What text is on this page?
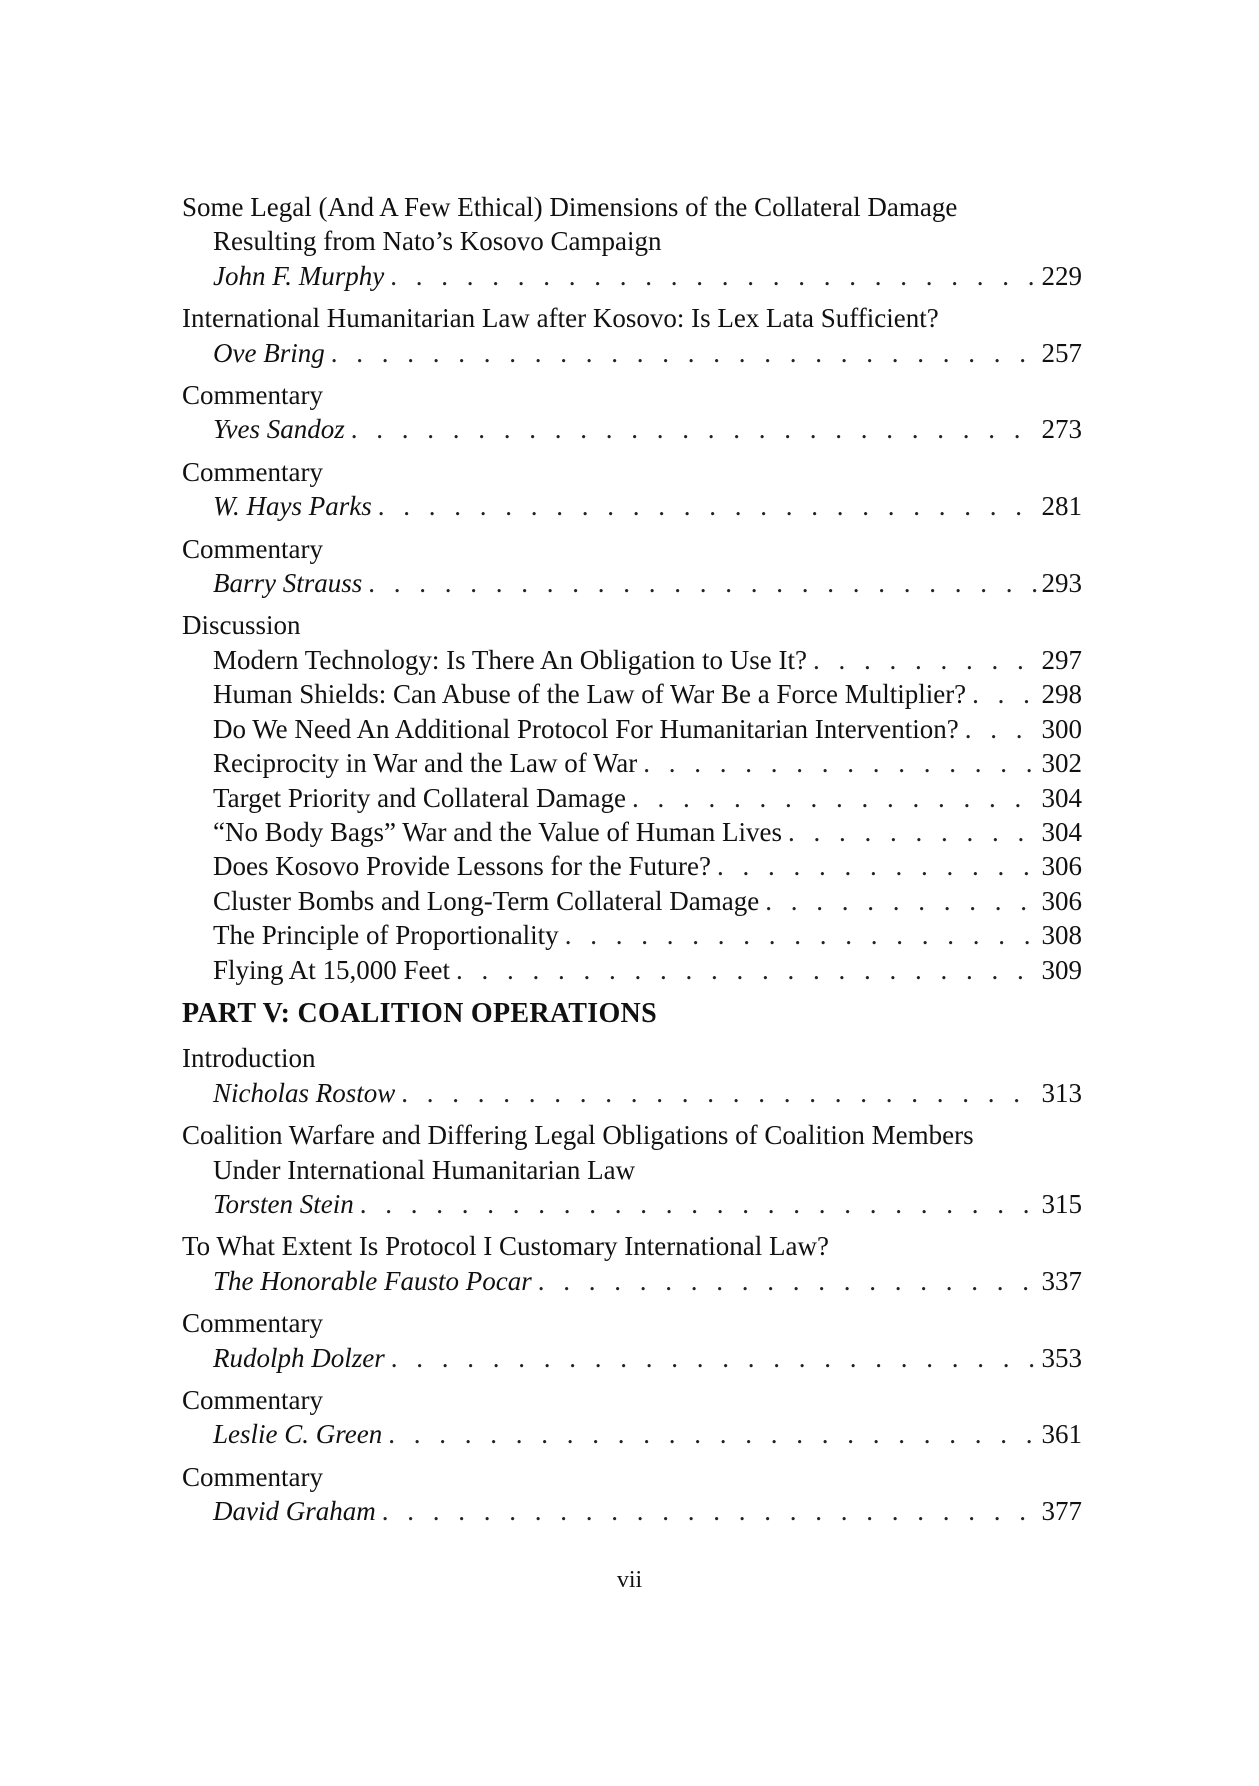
Some Legal (And A Few Ethical) Dimensions of the Collateral Damage
Resulting from Nato’s Kosovo Campaign
John F. Murphy . . .	229
International Humanitarian Law after Kosovo: Is Lex Lata Sufficient?
Ove Bring . . .	257
Commentary
Yves Sandoz . . .	273
Commentary
W. Hays Parks . . .	281
Commentary
Barry Strauss . . .	293
Discussion
Modern Technology: Is There An Obligation to Use It? . . .	297
Human Shields: Can Abuse of the Law of War Be a Force Multiplier? . . .	298
Do We Need An Additional Protocol For Humanitarian Intervention? . . .	300
Reciprocity in War and the Law of War . . .	302
Target Priority and Collateral Damage . . .	304
“No Body Bags” War and the Value of Human Lives . . .	304
Does Kosovo Provide Lessons for the Future? . . .	306
Cluster Bombs and Long-Term Collateral Damage . . .	306
The Principle of Proportionality . . .	308
Flying At 15,000 Feet . . .	309
PART V: COALITION OPERATIONS
Introduction
Nicholas Rostow . . .	313
Coalition Warfare and Differing Legal Obligations of Coalition Members
Under International Humanitarian Law
Torsten Stein . . .	315
To What Extent Is Protocol I Customary International Law?
The Honorable Fausto Pocar . . .	337
Commentary
Rudolph Dolzer . . .	353
Commentary
Leslie C. Green . . .	361
Commentary
David Graham . . .	377
vii
